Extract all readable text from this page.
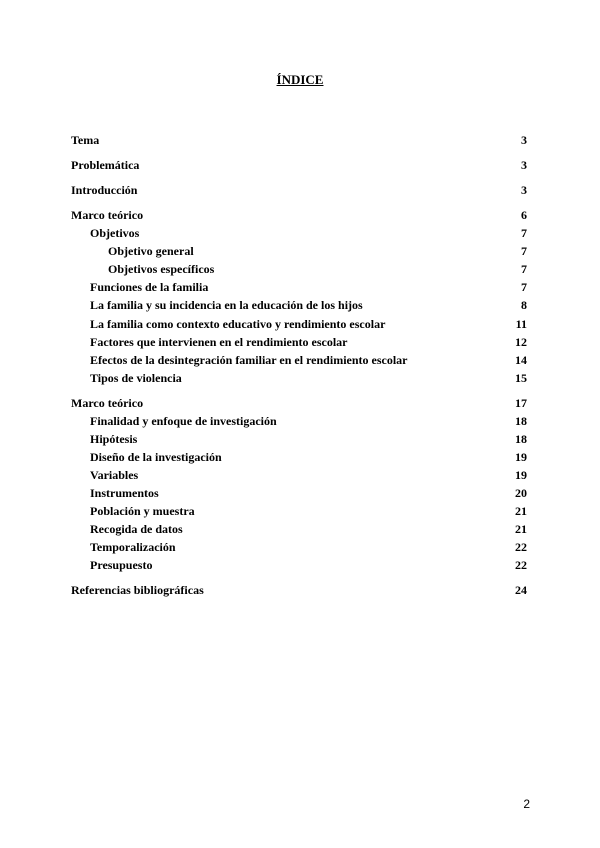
ÍNDICE
Tema	3
Problemática	3
Introducción	3
Marco teórico	6
Objetivos	7
Objetivo general	7
Objetivos específicos	7
Funciones de la familia	7
La familia y su incidencia en la educación de los hijos	8
La familia como contexto educativo y rendimiento escolar	11
Factores que intervienen en el rendimiento escolar	12
Efectos de la desintegración familiar en el rendimiento escolar	14
Tipos de violencia	15
Marco teórico	17
Finalidad y enfoque de investigación	18
Hipótesis	18
Diseño de la investigación	19
Variables	19
Instrumentos	20
Población y muestra	21
Recogida de datos	21
Temporalización	22
Presupuesto	22
Referencias bibliográficas	24
2
